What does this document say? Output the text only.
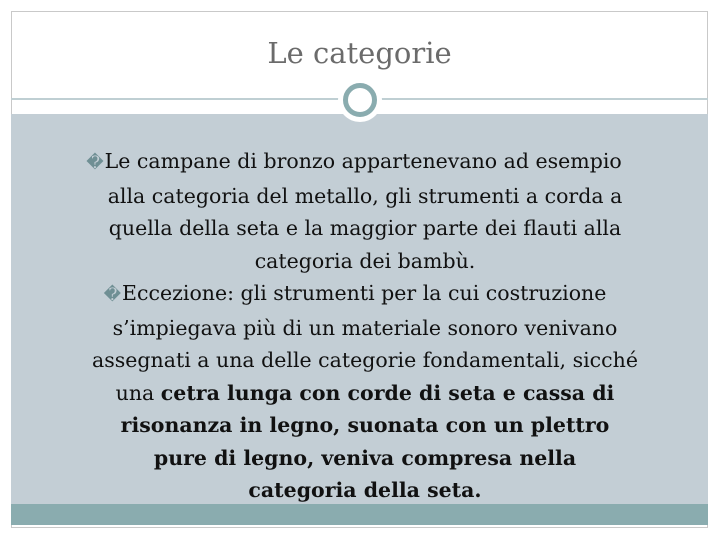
Le categorie
�Le campane di bronzo appartenevano ad esempio
alla categoria del metallo, gli strumenti a corda a
quella della seta e la maggior parte dei flauti alla
categoria dei bambù.
�Eccezione: gli strumenti per la cui costruzione
s’impiegava più di un materiale sonoro venivano
assegnati a una delle categorie fondamentali, sicché
una cetra lunga con corde di seta e cassa di
risonanza in legno, suonata con un plettro
pure di legno, veniva compresa nella
categoria della seta.
